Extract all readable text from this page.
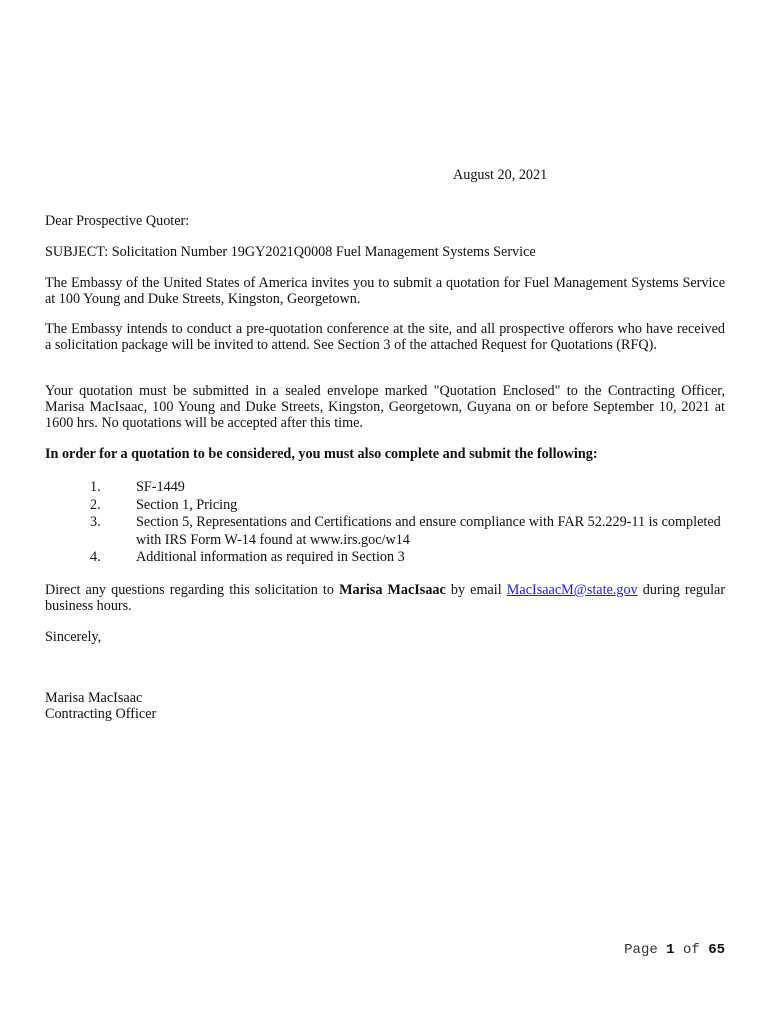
August 20, 2021
Dear Prospective Quoter:
SUBJECT: Solicitation Number 19GY2021Q0008 Fuel Management Systems Service
The Embassy of the United States of America invites you to submit a quotation for Fuel Management Systems Service at 100 Young and Duke Streets, Kingston, Georgetown.
The Embassy intends to conduct a pre-quotation conference at the site, and all prospective offerors who have received a solicitation package will be invited to attend. See Section 3 of the attached Request for Quotations (RFQ).
Your quotation must be submitted in a sealed envelope marked "Quotation Enclosed" to the Contracting Officer, Marisa MacIsaac, 100 Young and Duke Streets, Kingston, Georgetown, Guyana on or before September 10, 2021 at 1600 hrs. No quotations will be accepted after this time.
In order for a quotation to be considered, you must also complete and submit the following:
1. SF-1449
2. Section 1, Pricing
3. Section 5, Representations and Certifications and ensure compliance with FAR 52.229-11 is completed with IRS Form W-14 found at www.irs.goc/w14
4. Additional information as required in Section 3
Direct any questions regarding this solicitation to Marisa MacIsaac by email MacIsaacM@state.gov during regular business hours.
Sincerely,
Marisa MacIsaac
Contracting Officer
Page 1 of 65
